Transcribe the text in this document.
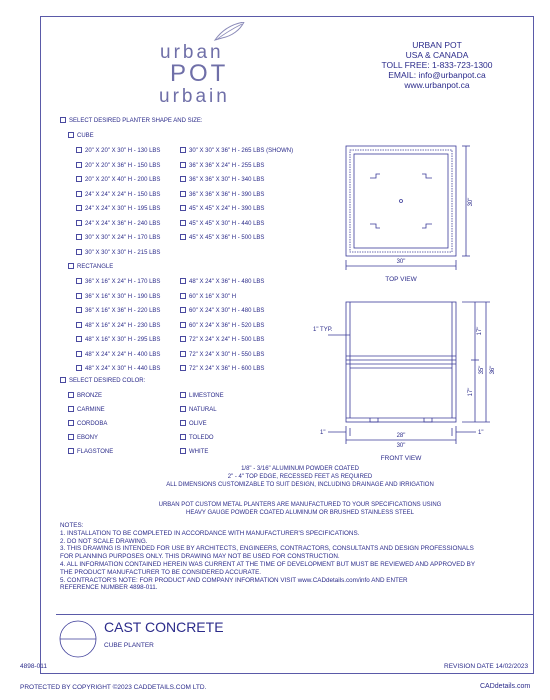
urban
POT
urbain
URBAN POT
USA & CANADA
TOLL FREE: 1-833-723-1300
EMAIL: info@urbanpot.ca
www.urbanpot.ca
SELECT DESIRED PLANTER SHAPE AND SIZE:
CUBE
20" X 20" X 30" H - 130 LBS
20" X 20" X 36" H - 150 LBS
20" X 20" X 40" H - 200 LBS
24" X 24" X 24" H - 150 LBS
24" X 24" X 30" H - 195 LBS
24" X 24" X 36" H - 240 LBS
30" X 30" X 24" H - 170 LBS
30" X 30" X 30" H - 215 LBS
30" X 30" X 36" H - 265 LBS (SHOWN)
36" X 36" X 24" H - 255 LBS
36" X 36" X 30" H - 340 LBS
36" X 36" X 36" H - 390 LBS
45" X 45" X 24" H - 390 LBS
45" X 45" X 30" H - 440 LBS
45" X 45" X 36" H - 500 LBS
RECTANGLE
36" X 16" X 24" H - 170 LBS
36" X 16" X 30" H - 190 LBS
36" X 16" X 36" H - 220 LBS
48" X 16" X 24" H - 230 LBS
48" X 16" X 30" H - 295 LBS
48" X 24" X 24" H - 400 LBS
48" X 24" X 30" H - 440 LBS
48" X 24" X 36" H - 480 LBS
60" X 16" X 30" H
60" X 24" X 30" H - 480 LBS
60" X 24" X 36" H - 520 LBS
72" X 24" X 24" H - 500 LBS
72" X 24" X 30" H - 550 LBS
72" X 24" X 36" H - 600 LBS
SELECT DESIRED COLOR:
BRONZE
CARMINE
CORDOBA
EBONY
FLAGSTONE
LIMESTONE
NATURAL
OLIVE
TOLEDO
WHITE
TOP VIEW
FRONT VIEW
30"
30"
1" TYP.	17"
17"
35" 36"
1"	1"
28"
30"
1/8" - 3/16" ALUMINUM POWDER COATED
2" - 4" TOP EDGE, RECESSED FEET AS REQUIRED
ALL DIMENSIONS CUSTOMIZABLE TO SUIT DESIGN, INCLUDING DRAINAGE AND IRRIGATION
URBAN POT CUSTOM METAL PLANTERS ARE MANUFACTURED TO YOUR SPECIFICATIONS USING
HEAVY GAUGE POWDER COATED ALUMINUM OR BRUSHED STAINLESS STEEL
NOTES:
1. INSTALLATION TO BE COMPLETED IN ACCORDANCE WITH MANUFACTURER'S SPECIFICATIONS.
2. DO NOT SCALE DRAWING.
3. THIS DRAWING IS INTENDED FOR USE BY ARCHITECTS, ENGINEERS, CONTRACTORS, CONSULTANTS AND DESIGN PROFESSIONALS
FOR PLANNING PURPOSES ONLY. THIS DRAWING MAY NOT BE USED FOR CONSTRUCTION.
4. ALL INFORMATION CONTAINED HEREIN WAS CURRENT AT THE TIME OF DEVELOPMENT BUT MUST BE REVIEWED AND APPROVED BY
THE PRODUCT MANUFACTURER TO BE CONSIDERED ACCURATE.
5. CONTRACTOR'S NOTE: FOR PRODUCT AND COMPANY INFORMATION VISIT www.CADdetails.com/info AND ENTER
REFERENCE NUMBER 4898-011.
CAST CONCRETE
CUBE PLANTER
4898-011	REVISION DATE 14/02/2023
PROTECTED BY COPYRIGHT ©2023 CADDETAILS.COM LTD.	CADdetails.com
